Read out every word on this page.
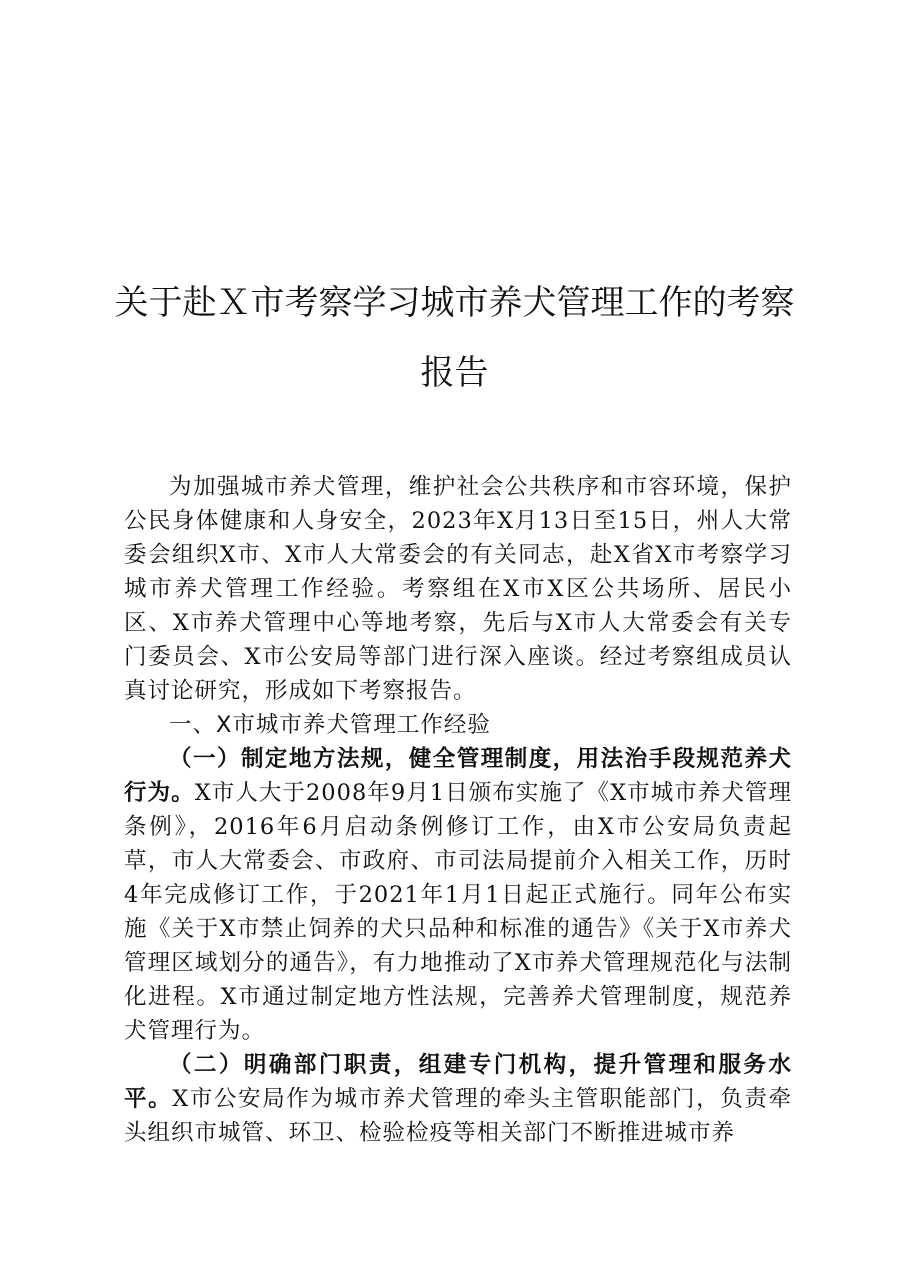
关于赴Ｘ市考察学习城市养犬管理工作的考察
报告

为加强城市养犬管理，维护社会公共秩序和市容环境，保护公民身体健康和人身安全，2023年X月13日至15日，州人大常委会组织X市、X市人大常委会的有关同志，赴X省X市考察学习城市养犬管理工作经验。考察组在X市X区公共场所、居民小区、X市养犬管理中心等地考察，先后与X市人大常委会有关专门委员会、X市公安局等部门进行深入座谈。经过考察组成员认真讨论研究，形成如下考察报告。

一、X市城市养犬管理工作经验

（一）制定地方法规，健全管理制度，用法治手段规范养犬行为。X市人大于2008年9月1日颁布实施了《X市城市养犬管理条例》，2016年6月启动条例修订工作，由X市公安局负责起草，市人大常委会、市政府、市司法局提前介入相关工作，历时4年完成修订工作，于2021年1月1日起正式施行。同年公布实施《关于X市禁止饲养的犬只品种和标准的通告》《关于X市养犬管理区域划分的通告》，有力地推动了X市养犬管理规范化与法制化进程。X市通过制定地方性法规，完善养犬管理制度，规范养犬管理行为。

（二）明确部门职责，组建专门机构，提升管理和服务水平。X市公安局作为城市养犬管理的牵头主管职能部门，负责牵头组织市城管、环卫、检验检疫等相关部门不断推进城市养
